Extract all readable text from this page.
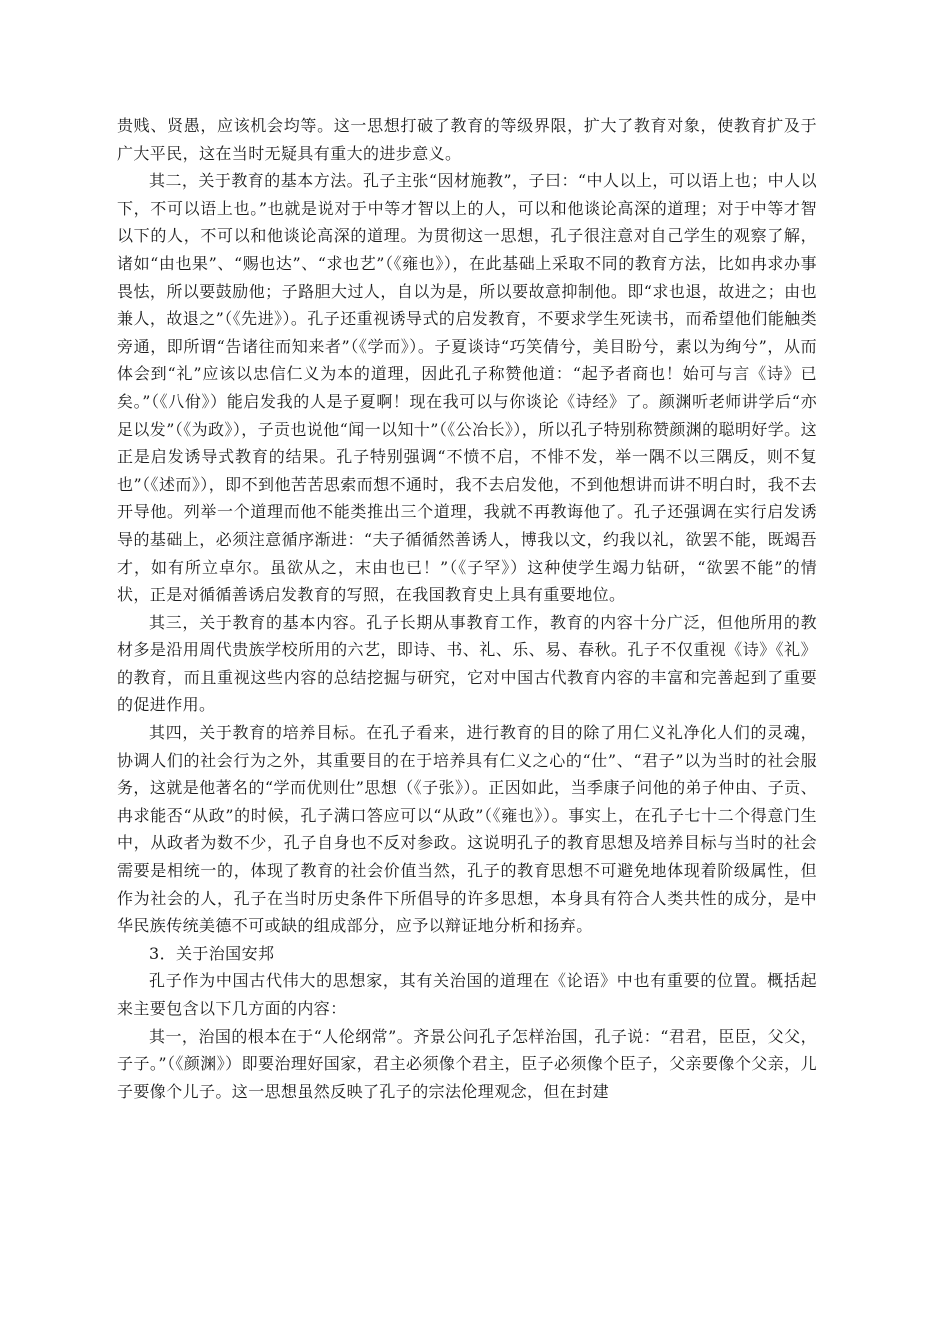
贵贱、贤愚，应该机会均等。这一思想打破了教育的等级界限，扩大了教育对象，使教育扩及于广大平民，这在当时无疑具有重大的进步意义。

其二，关于教育的基本方法。孔子主张“因材施教”，子曰：“中人以上，可以语上也；中人以下，不可以语上也。”也就是说对于中等才智以上的人，可以和他谈论高深的道理；对于中等才智以下的人，不可以和他谈论高深的道理。为贯彻这一思想，孔子很注意对自己学生的观察了解，诸如“由也果”、“赐也达”、“求也艺”（《雍也》），在此基础上采取不同的教育方法，比如冉求办事畏怯，所以要鼓励他；子路胆大过人，自以为是，所以要故意抑制他。即“求也退，故进之；由也兼人，故退之”（《先进》）。孔子还重视诱导式的启发教育，不要求学生死读书，而希望他们能触类旁通，即所谓“告诸往而知来者”（《学而》）。子夏谈诗“巧笑倩兮，美目盼兮，素以为绚兮”，从而体会到“礼”应该以忠信仁义为本的道理，因此孔子称赞他道：“起予者商也！始可与言《诗》已矣。”（《八佾》）能启发我的人是子夏啊！现在我可以与你谈论《诗经》了。颜渊听老师讲学后“亦足以发”（《为政》），子贡也说他“闻一以知十”（《公冶长》），所以孔子特别称赞颜渊的聪明好学。这正是启发诱导式教育的结果。孔子特别强调“不愤不启，不悱不发，举一隅不以三隅反，则不复也”（《述而》），即不到他苦苦思索而想不通时，我不去启发他，不到他想讲而讲不明白时，我不去开导他。列举一个道理而他不能类推出三个道理，我就不再教诲他了。孔子还强调在实行启发诱导的基础上，必须注意循序渐进：“夫子循循然善诱人，博我以文，约我以礼，欲罢不能，既竭吾才，如有所立卓尔。虽欲从之，末由也已！”（《子罕》）这种使学生竭力钻研，“欲罢不能”的情状，正是对循循善诱启发教育的写照，在我国教育史上具有重要地位。

其三，关于教育的基本内容。孔子长期从事教育工作，教育的内容十分广泛，但他所用的教材多是沿用周代贵族学校所用的六艺，即诗、书、礼、乐、易、春秋。孔子不仅重视《诗》《礼》的教育，而且重视这些内容的总结挖掘与研究，它对中国古代教育内容的丰富和完善起到了重要的促进作用。

其四，关于教育的培养目标。在孔子看来，进行教育的目的除了用仁义礼净化人们的灵魂，协调人们的社会行为之外，其重要目的在于培养具有仁义之心的“仕”、“君子”以为当时的社会服务，这就是他著名的“学而优则仕”思想（《子张》）。正因如此，当季康子问他的弟子仲由、子贡、冉求能否“从政”的时候，孔子满口答应可以“从政”（《雍也》）。事实上，在孔子七十二个得意门生中，从政者为数不少，孔子自身也不反对参政。这说明孔子的教育思想及培养目标与当时的社会需要是相统一的，体现了教育的社会价值当然，孔子的教育思想不可避免地体现着阶级属性，但作为社会的人，孔子在当时历史条件下所倡导的许多思想，本身具有符合人类共性的成分，是中华民族传统美德不可或缺的组成部分，应予以辩证地分析和扬弃。

3．关于治国安邦

孔子作为中国古代伟大的思想家，其有关治国的道理在《论语》中也有重要的位置。概括起来主要包含以下几方面的内容：

其一，治国的根本在于“人伦纲常”。齐景公问孔子怎样治国，孔子说：“君君，臣臣，父父，子子。”（《颜渊》）即要治理好国家，君主必须像个君主，臣子必须像个臣子，父亲要像个父亲，儿子要像个儿子。这一思想虽然反映了孔子的宗法伦理观念，但在封建
